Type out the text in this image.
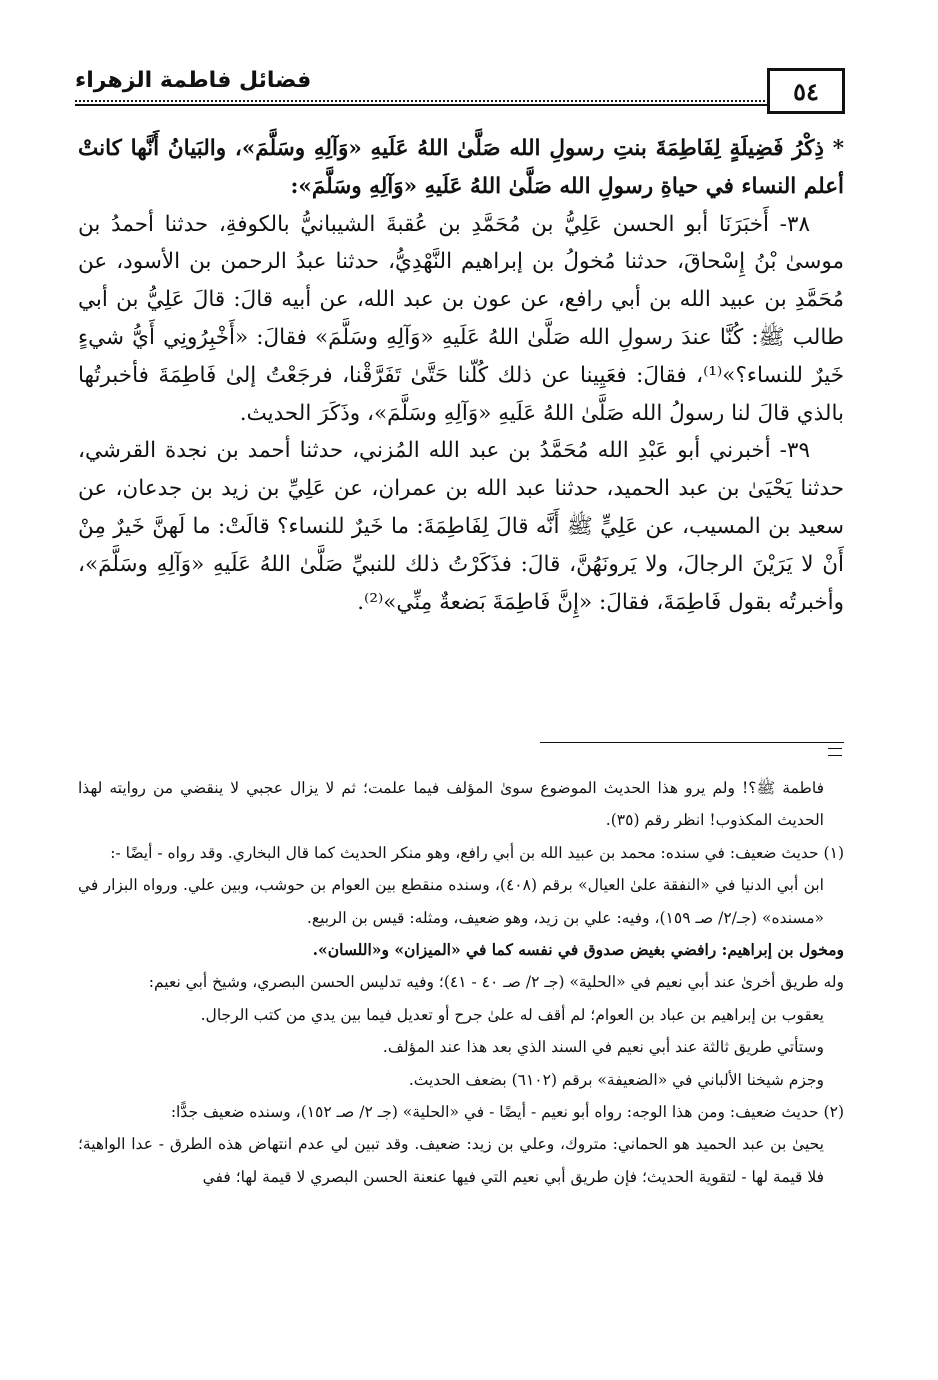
فضائل فاطمة الزهراء	٥٤

* ذِكْرُ فَضِيلَةٍ لِفَاطِمَةَ بنتِ رسولِ الله صَلَّىٰ اللهُ عَلَيهِ «وَآلِهِ وسَلَّمَ»، والبَيانُ أَنَّها كانتْ أعلم النساء في حياةِ رسولِ الله صَلَّىٰ اللهُ عَلَيهِ «وَآلِهِ وسَلَّمَ»:

٣٨- أَخبَرَنَا أبو الحسن عَلِيُّ بن مُحَمَّدِ بن عُقبةَ الشيبانيُّ بالكوفةِ، حدثنا أحمدُ بن موسىٰ بْنُ إِسْحاقَ، حدثنا مُخولُ بن إبراهيم النَّهْدِيُّ، حدثنا عبدُ الرحمن بن الأسود، عن مُحَمَّدِ بن عبيد الله بن أبي رافع، عن عون بن عبد الله، عن أبيه قالَ: قالَ عَلِيُّ بن أبي طالب ﷺ: كُنَّا عندَ رسولِ الله صَلَّىٰ اللهُ عَلَيهِ «وَآلِهِ وسَلَّمَ» فقالَ: «أَخْبِرُونِي أَيُّ شيءٍ خَيرٌ للنساء؟»⁽¹⁾، فقالَ: فعَيِينا عن ذلك كُلّنا حَتَّىٰ تَفَرَّقْنا، فرجَعْتُ إلىٰ فَاطِمَةَ فأخبرتُها بالذي قالَ لنا رسولُ الله صَلَّىٰ اللهُ عَلَيهِ «وَآلِهِ وسَلَّمَ»، وذَكَرَ الحديث.

٣٩- أخبرني أبو عَبْدِ الله مُحَمَّدُ بن عبد الله المُزني، حدثنا أحمد بن نجدة القرشي، حدثنا يَحْيَىٰ بن عبد الحميد، حدثنا عبد الله بن عمران، عن عَلِيِّ بن زيد بن جدعان، عن سعيد بن المسيب، عن عَلِيٍّ ﷺ أَنَّه قالَ لِفَاطِمَةَ: ما خَيرٌ للنساء؟ قالَتْ: ما لَهنَّ خَيرٌ مِنْ أَنْ لا يَرَيْنَ الرجالَ، ولا يَرونَهُنَّ، قالَ: فذَكَرْتُ ذلك للنبيِّ صَلَّىٰ اللهُ عَلَيهِ «وَآلِهِ وسَلَّمَ»، وأخبرتُه بقول فَاطِمَةَ، فقالَ: «إِنَّ فَاطِمَةَ بَضعةٌ مِنِّي»⁽²⁾.

فاطمة ﷺ؟! ولم يرو هذا الحديث الموضوع سوىٰ المؤلف فيما علمت؛ ثم لا يزال عجبي لا ينقضي من روايته لهذا الحديث المكذوب! انظر رقم (٣٥).

(١) حديث ضعيف: في سنده: محمد بن عبيد الله بن أبي رافع، وهو منكر الحديث كما قال البخاري. وقد رواه - أيضًا -:

ابن أبي الدنيا في «النفقة علىٰ العيال» برقم (٤٠٨)، وسنده منقطع بين العوام بن حوشب، وبين علي. ورواه البزار في «مسنده» (جـ/٢/ صـ ١٥٩)، وفيه: علي بن زيد، وهو ضعيف، ومثله: قيس بن الربيع.

ومخول بن إبراهيم: رافضي بغيض صدوق في نفسه كما في «الميزان» و«اللسان».

وله طريق أخرىٰ عند أبي نعيم في «الحلية» (جـ ٢/ صـ ٤٠ - ٤١)؛ وفيه تدليس الحسن البصري، وشيخ أبي نعيم:

يعقوب بن إبراهيم بن عباد بن العوام؛ لم أقف له علىٰ جرح أو تعديل فيما بين يدي من كتب الرجال.

وستأتي طريق ثالثة عند أبي نعيم في السند الذي بعد هذا عند المؤلف.

وجزم شيخنا الألباني في «الضعيفة» برقم (٦١٠٢) بضعف الحديث.

(٢) حديث ضعيف: ومن هذا الوجه: رواه أبو نعيم - أيضًا - في «الحلية» (جـ ٢/ صـ ١٥٢)، وسنده ضعيف جدًّا:

يحيىٰ بن عبد الحميد هو الحماني: متروك، وعلي بن زيد: ضعيف. وقد تبين لي عدم انتهاض هذه الطرق - عدا الواهية؛ فلا قيمة لها - لتقوية الحديث؛ فإن طريق أبي نعيم التي فيها عنعنة الحسن البصري لا قيمة لها؛ ففي
